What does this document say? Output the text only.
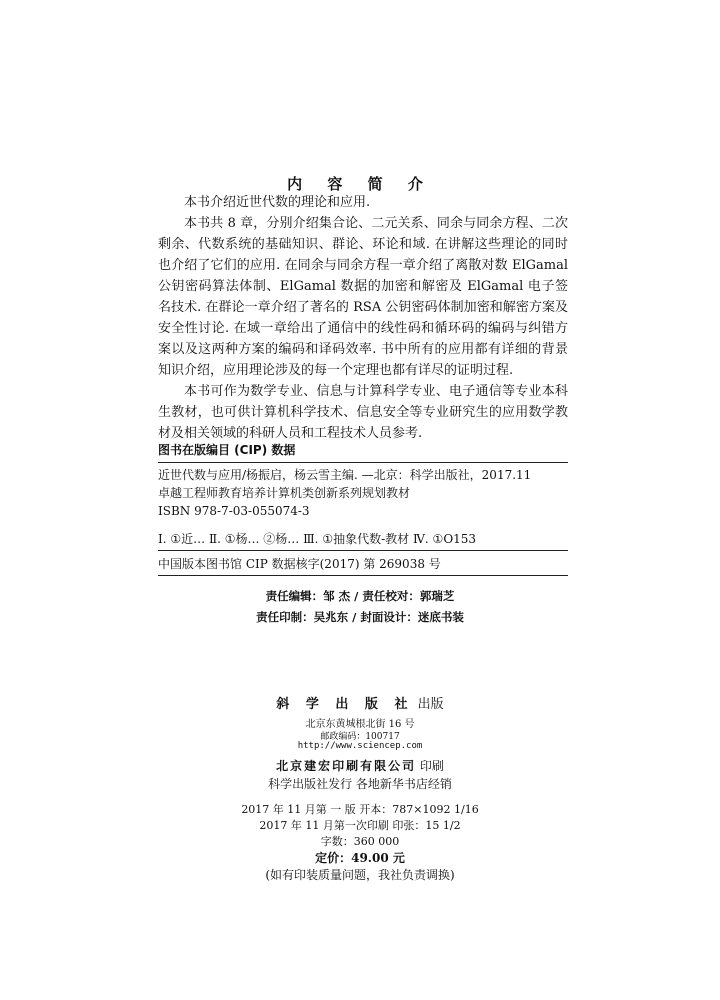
内 容 简 介

本书介绍近世代数的理论和应用.

本书共 8 章，分别介绍集合论、二元关系、同余与同余方程、二次剩余、代数系统的基础知识、群论、环论和域. 在讲解这些理论的同时也介绍了它们的应用. 在同余与同余方程一章介绍了离散对数 ElGamal 公钥密码算法体制、ElGamal 数据的加密和解密及 ElGamal 电子签名技术. 在群论一章介绍了著名的 RSA 公钥密码体制加密和解密方案及安全性讨论. 在域一章给出了通信中的线性码和循环码的编码与纠错方案以及这两种方案的编码和译码效率. 书中所有的应用都有详细的背景知识介绍，应用理论涉及的每一个定理也都有详尽的证明过程.

本书可作为数学专业、信息与计算科学专业、电子通信等专业本科生教材，也可供计算机科学技术、信息安全等专业研究生的应用数学教材及相关领域的科研人员和工程技术人员参考.

图书在版编目 (CIP) 数据
近世代数与应用/杨振启，杨云雪主编. —北京：科学出版社，2017.11
卓越工程师教育培养计算机类创新系列规划教材
ISBN 978-7-03-055074-3
Ⅰ. ①近… Ⅱ. ①杨… ②杨… Ⅲ. ①抽象代数-教材 Ⅳ. ①O153
中国版本图书馆 CIP 数据核字(2017) 第 269038 号
责任编辑：邹 杰 / 责任校对：郭瑞芝
责任印制：吴兆东 / 封面设计：迷底书装
斜 学 出 版 社 出版
北京东黄城根北街 16 号
邮政编码：100717
http://www.sciencep.com
北京建宏印刷有限公司 印刷
科学出版社发行 各地新华书店经销
2017 年 11 月第 一 版 开本：787×1092 1/16
2017 年 11 月第一次印刷 印张：15 1/2
字数：360 000
定价：49.00 元
(如有印装质量问题，我社负责调换)
